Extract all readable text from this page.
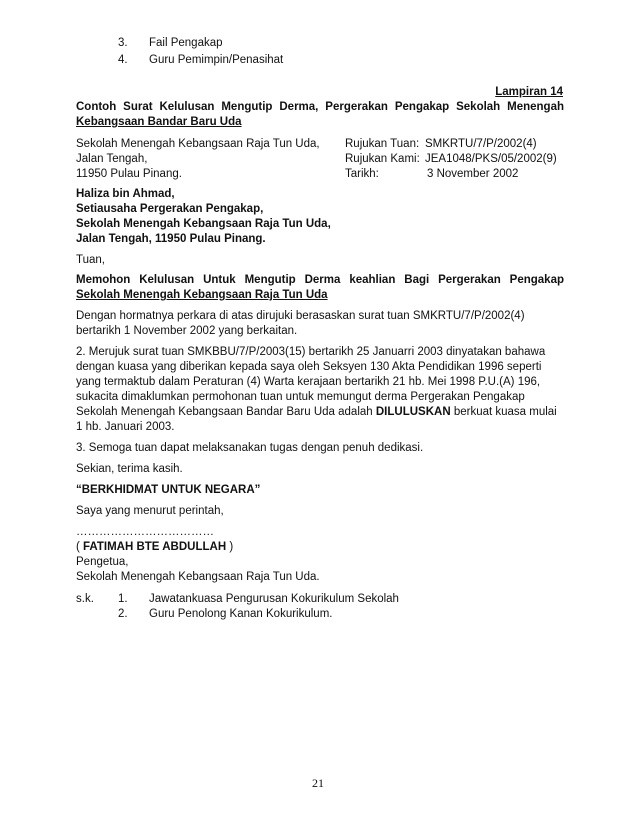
3. Fail Pengakap
4. Guru Pemimpin/Penasihat
Lampiran 14
Contoh Surat Kelulusan Mengutip Derma, Pergerakan Pengakap Sekolah Menengah
Kebangsaan Bandar Baru Uda
Sekolah Menengah Kebangsaan Raja Tun Uda,
Jalan Tengah,
11950 Pulau Pinang.
Rujukan Tuan: SMKRTU/7/P/2002(4)
Rujukan Kami: JEA1048/PKS/05/2002(9)
Tarikh:	3 November 2002
Haliza bin Ahmad,
Setiausaha Pergerakan Pengakap,
Sekolah Menengah Kebangsaan Raja Tun Uda,
Jalan Tengah, 11950 Pulau Pinang.
Tuan,
Memohon Kelulusan Untuk Mengutip Derma keahlian Bagi Pergerakan Pengakap
Sekolah Menengah Kebangsaan Raja Tun Uda
Dengan hormatnya perkara di atas dirujuki berasaskan surat tuan SMKRTU/7/P/2002(4)
bertarikh 1 November 2002 yang berkaitan.
2. Merujuk surat tuan SMKBBU/7/P/2003(15) bertarikh 25 Januarri 2003 dinyatakan bahawa
dengan kuasa yang diberikan kepada saya oleh Seksyen 130 Akta Pendidikan 1996 seperti
yang termaktub dalam Peraturan (4) Warta kerajaan bertarikh 21 hb. Mei 1998 P.U.(A) 196,
sukacita dimaklumkan permohonan tuan untuk memungut derma Pergerakan Pengakap
Sekolah Menengah Kebangsaan Bandar Baru Uda adalah DILULUSKAN berkuat kuasa mulai
1 hb. Januari 2003.
3. Semoga tuan dapat melaksanakan tugas dengan penuh dedikasi.
Sekian, terima kasih.
“BERKHIDMAT UNTUK NEGARA”
Saya yang menurut perintah,
………………………………
( FATIMAH BTE ABDULLAH )
Pengetua,
Sekolah Menengah Kebangsaan Raja Tun Uda.
s.k. 1. Jawatankuasa Pengurusan Kokurikulum Sekolah
2. Guru Penolong Kanan Kokurikulum.
21
